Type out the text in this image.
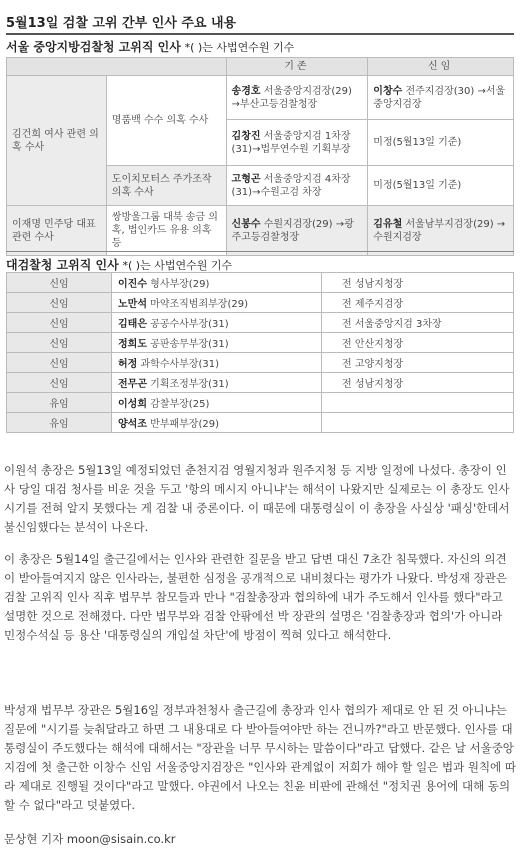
5월13일 검찰 고위 간부 인사 주요 내용
서울 중앙지방검찰청 고위직 인사 *( )는 사법연수원 기수
		기존	신임
김건희 여사 관련 의혹 수사	명품백 수수 의혹 수사	송경호 서울중앙지검장(29) →부산고등검찰청장	이창수 전주지검장(30) →서울중앙지검장
		김창진 서울중앙지검 1차장(31)→법무연수원 기획부장	미정(5월13일 기준)
	도이치모터스 주가조작 의혹 수사	고형곤 서울중앙지검 4차장(31)→수원고검 차장	미정(5월13일 기준)
이재명 민주당 대표 관련 수사	쌍방울그룹 대북 송금 의혹, 법인카드 유용 의혹 등	신봉수 수원지검장(29) →광주고등검찰청장	김유철 서울남부지검장(29) →수원지검장
대검찰청 고위직 인사 *( )는 사법연수원 기수
신임	이진수 형사부장(29)	전 성남지청장
신임	노만석 마약조직범죄부장(29)	전 제주지검장
신임	김태은 공공수사부장(31)	전 서울중앙지검 3차장
신임	정희도 공판송무부장(31)	전 안산지청장
신임	허정 과학수사부장(31)	전 고양지청장
신임	전무곤 기획조정부장(31)	전 성남지청장
유임	이성희 감찰부장(25)	
유임	양석조 반부패부장(29)	
이원석 총장은 5월13일 예정되었던 춘천지검 영월지청과 원주지청 등 지방 일정에 나섰다. 총장이 인사 당일 대검 청사를 비운 것을 두고 '항의 메시지 아니냐'는 해석이 나왔지만 실제로는 이 총장도 인사 시기를 전혀 알지 못했다는 게 검찰 내 중론이다. 이 때문에 대통령실이 이 총장을 사실상 '패싱'한데서 불신임했다는 분석이 나온다.
이 총장은 5월14일 출근길에서는 인사와 관련한 질문을 받고 답변 대신 7초간 침묵했다. 자신의 의견이 받아들여지지 않은 인사라는, 불편한 심정을 공개적으로 내비쳤다는 평가가 나왔다. 박성재 장관은 검찰 고위직 인사 직후 법무부 참모들과 만나 "검찰총장과 협의하에 내가 주도해서 인사를 했다"라고 설명한 것으로 전해졌다. 다만 법무부와 검찰 안팎에선 박 장관의 설명은 '검찰총장과 협의'가 아니라 민정수석실 등 용산 '대통령실의 개입설 차단'에 방점이 찍혀 있다고 해석한다.
박성재 법무부 장관은 5월16일 정부과천청사 출근길에 총장과 인사 협의가 제대로 안 된 것 아니냐는 질문에 "시기를 늦춰달라고 하면 그 내용대로 다 받아들여야만 하는 건니까?"라고 반문했다. 인사를 대통령실이 주도했다는 해석에 대해서는 "장관을 너무 무시하는 말씀이다"라고 답했다. 같은 날 서울중앙지검에 첫 출근한 이창수 신임 서울중앙지검장은 "인사와 관계없이 저희가 해야 할 일은 법과 원칙에 따라 제대로 진행될 것이다"라고 말했다. 야권에서 나오는 친윤 비판에 관해선 "정치권 용어에 대해 동의할 수 없다"라고 덧붙였다.
문상현 기자 moon@sisain.co.kr
